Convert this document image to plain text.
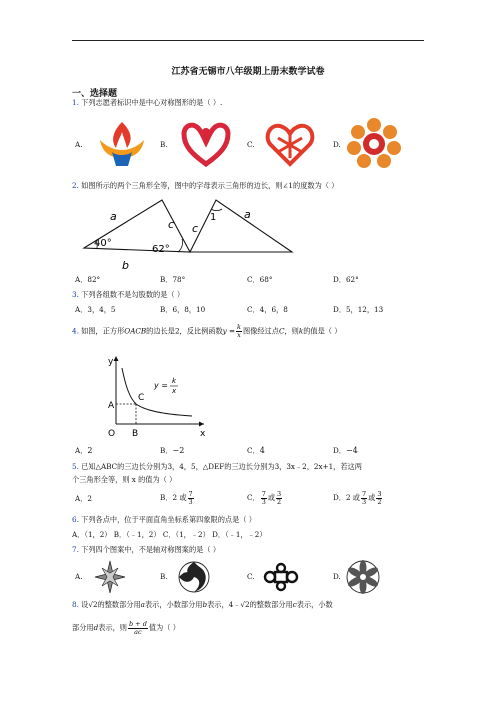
江苏省无锡市八年级期上册末数学试卷
一、选择题
1. 下列志愿者标识中是中心对称图形的是（ ）.
A.	B.	C.	D.
2. 如图所示的两个三角形全等，图中的字母表示三角形的边长，则∠1的度数为（ ）
a
b
c c
1	a
40°
62°
A．82°	B．78°	C．68°	D．62°
3. 下列各组数不是勾股数的是（ ）
A．3，4，5	B．6，8，10	C．4，6，8	D．5，12，13
4. 如图，正方形OACB的边长是2，反比例函数$y = \frac{k}{x}$ 图像经过点C，则k的值是（ ）
y
x
A
B
C
O
y = k
x
A．2	B．−2	C．4	D．−4
5. 已知△ABC的三边长分别为3，4，5，△DEF的三边长分别为3，3x﹣2，2x+1，若这两
个三角形全等，则 x 的值为（ ）
A．2	B．2 或 $\frac{7}{3}$	C． $\frac{7}{3}$ 或 $\frac{3}{2}$	D．2 或 $\frac{7}{3}$ 或 $\frac{3}{2}$
6. 下列各点中，位于平面直角坐标系第四象限的点是（ ）
A．（1，2） B．（﹣1，2） C．（1，﹣2） D．（﹣1，﹣2）
7. 下列四个图案中，不是轴对称图案的是（ ）
A.	B.	C.	D.
8. 设√2的整数部分用a表示，小数部分用b表示，4﹣√2的整数部分用c表示，小数
部分用d表示，则 $\frac{b + d}{ac}$ 值为（ ）
